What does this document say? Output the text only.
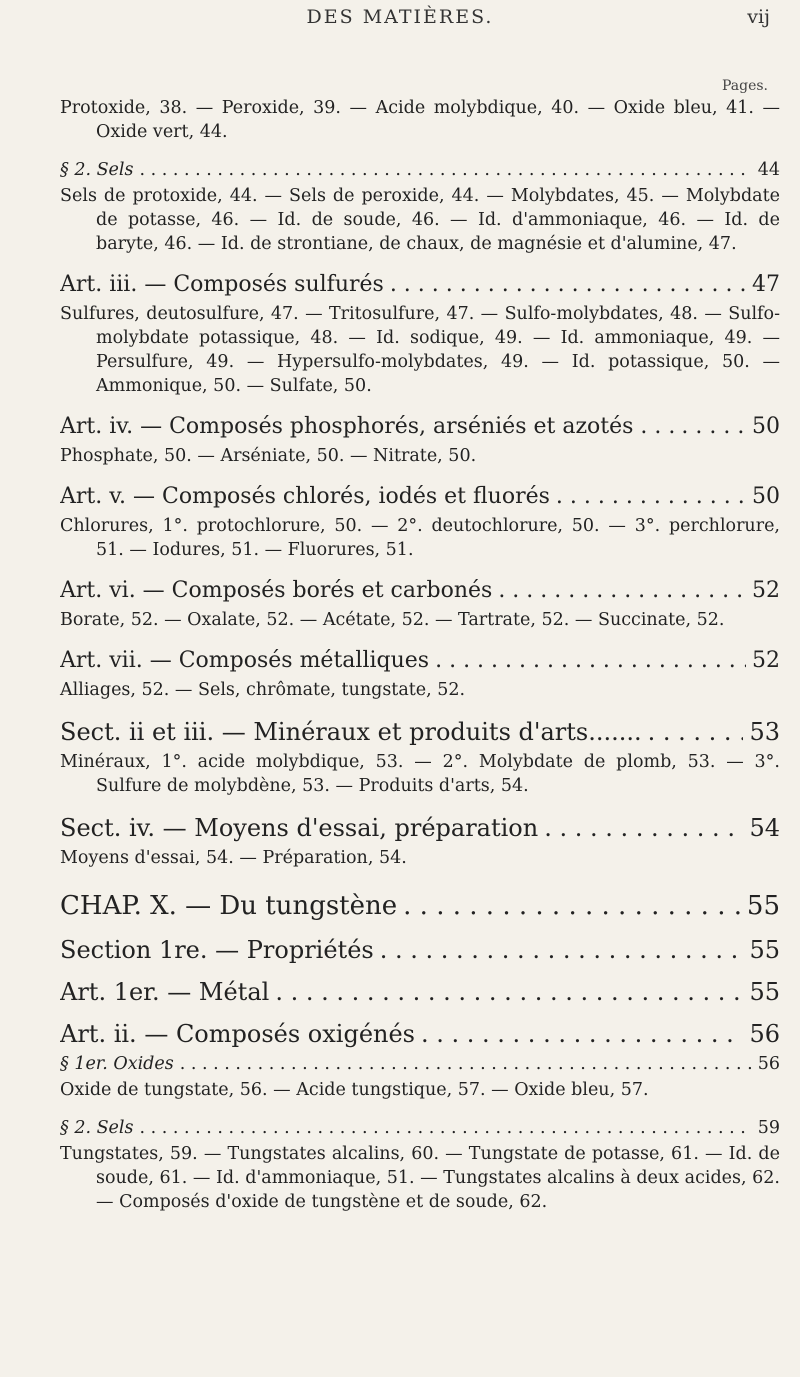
DES MATIÈRES.	vij
Pages.

Protoxide, 38. — Peroxide, 39. — Acide molybdique, 40. — Oxide bleu, 41. — Oxide vert, 44.

§ 2. Sels . . .	44

Sels de protoxide, 44. — Sels de peroxide, 44. — Molybdates, 45. — Molybdate de potasse, 46. — Id. de soude, 46. — Id. d'ammoniaque, 46. — Id. de baryte, 46. — Id. de strontiane, de chaux, de magnésie et d'alumine, 47.

Art. iii. — Composés sulfurés . . .	47

Sulfures, deutosulfure, 47. — Tritosulfure, 47. — Sulfo-molybdates, 48. — Sulfo-molybdate potassique, 48. — Id. sodique, 49. — Id. ammoniaque, 49. — Persulfure, 49. — Hypersulfo-molybdates, 49. — Id. potassique, 50. — Ammonique, 50. — Sulfate, 50.

Art. iv. — Composés phosphorés, arséniés et azotés . . . . . .	50

Phosphate, 50. — Arséniate, 50. — Nitrate, 50.

Art. v. — Composés chlorés, iodés et fluorés . . .	50

Chlorures, 1°. protochlorure, 50. — 2°. deutochlorure, 50. — 3°. perchlorure, 51. — Iodures, 51. — Fluorures, 51.

Art. vi. — Composés borés et carbonés . . .	52

Borate, 52. — Oxalate, 52. — Acétate, 52. — Tartrate, 52. — Succinate, 52.

Art. vii. — Composés métalliques . . .	52

Alliages, 52. — Sels, chrômate, tungstate, 52.

Sect. ii et iii. — Minéraux et produits d'arts....... . . .	53

Minéraux, 1°. acide molybdique, 53. — 2°. Molybdate de plomb, 53. — 3°. Sulfure de molybdène, 53. — Produits d'arts, 54.

Sect. iv. — Moyens d'essai, préparation . . .	54

Moyens d'essai, 54. — Préparation, 54.

CHAP. X. — Du tungstène . . .	55
Section 1re. — Propriétés . . .	55
Art. 1er. — Métal . . .	55
Art. ii. — Composés oxigénés . . .	56
§ 1er. Oxides . . .	56

Oxide de tungstate, 56. — Acide tungstique, 57. — Oxide bleu, 57.

§ 2. Sels . . .	59

Tungstates, 59. — Tungstates alcalins, 60. — Tungstate de potasse, 61. — Id. de soude, 61. — Id. d'ammoniaque, 51. — Tungstates alcalins à deux acides, 62. — Composés d'oxide de tungstène et de soude, 62.
